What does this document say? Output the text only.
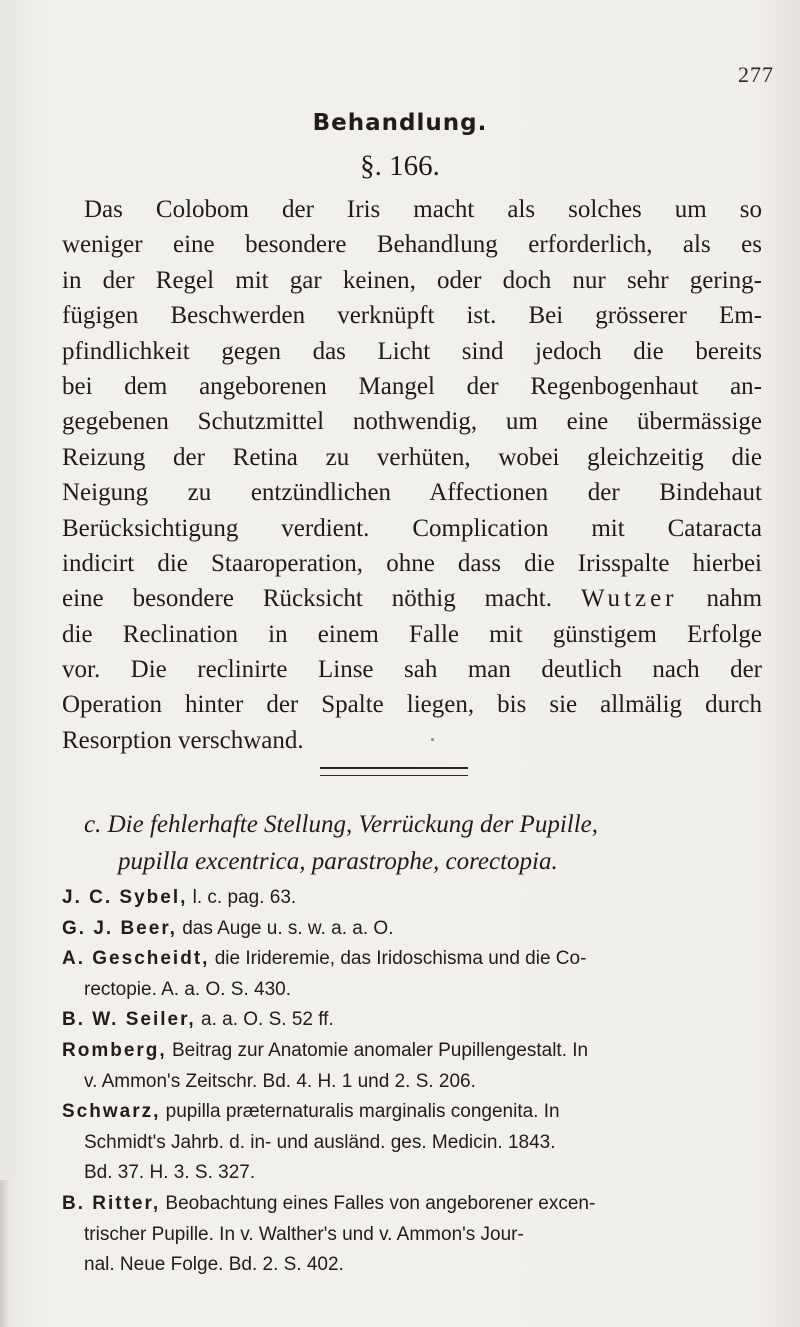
277
Behandlung.
§. 166.
Das Colobom der Iris macht als solches um so
weniger eine besondere Behandlung erforderlich, als es
in der Regel mit gar keinen, oder doch nur sehr gering-
fügigen Beschwerden verknüpft ist. Bei grösserer Em-
pfindlichkeit gegen das Licht sind jedoch die bereits
bei dem angeborenen Mangel der Regenbogenhaut an-
gegebenen Schutzmittel nothwendig, um eine übermässige
Reizung der Retina zu verhüten, wobei gleichzeitig die
Neigung zu entzündlichen Affectionen der Bindehaut
Berücksichtigung verdient. Complication mit Cataracta
indicirt die Staaroperation, ohne dass die Irisspalte hierbei
eine besondere Rücksicht nöthig macht. Wutzer nahm
die Reclination in einem Falle mit günstigem Erfolge
vor. Die reclinirte Linse sah man deutlich nach der
Operation hinter der Spalte liegen, bis sie allmälig durch
Resorption verschwand.
c. Die fehlerhafte Stellung, Verrückung der Pupille,
pupilla excentrica, parastrophe, corectopia.
J. C. Sybel, l. c. pag. 63.
G. J. Beer, das Auge u. s. w. a. a. O.
A. Gescheidt, die Irideremie, das Iridoschisma und die Co-
rectopie. A. a. O. S. 430.
B. W. Seiler, a. a. O. S. 52 ff.
Romberg, Beitrag zur Anatomie anomaler Pupillengestalt. In
v. Ammon's Zeitschr. Bd. 4. H. 1 und 2. S. 206.
Schwarz, pupilla præternaturalis marginalis congenita. In
Schmidt's Jahrb. d. in- und ausländ. ges. Medicin. 1843.
Bd. 37. H. 3. S. 327.
B. Ritter, Beobachtung eines Falles von angeborener excen-
trischer Pupille. In v. Walther's und v. Ammon's Jour-
nal. Neue Folge. Bd. 2. S. 402.
